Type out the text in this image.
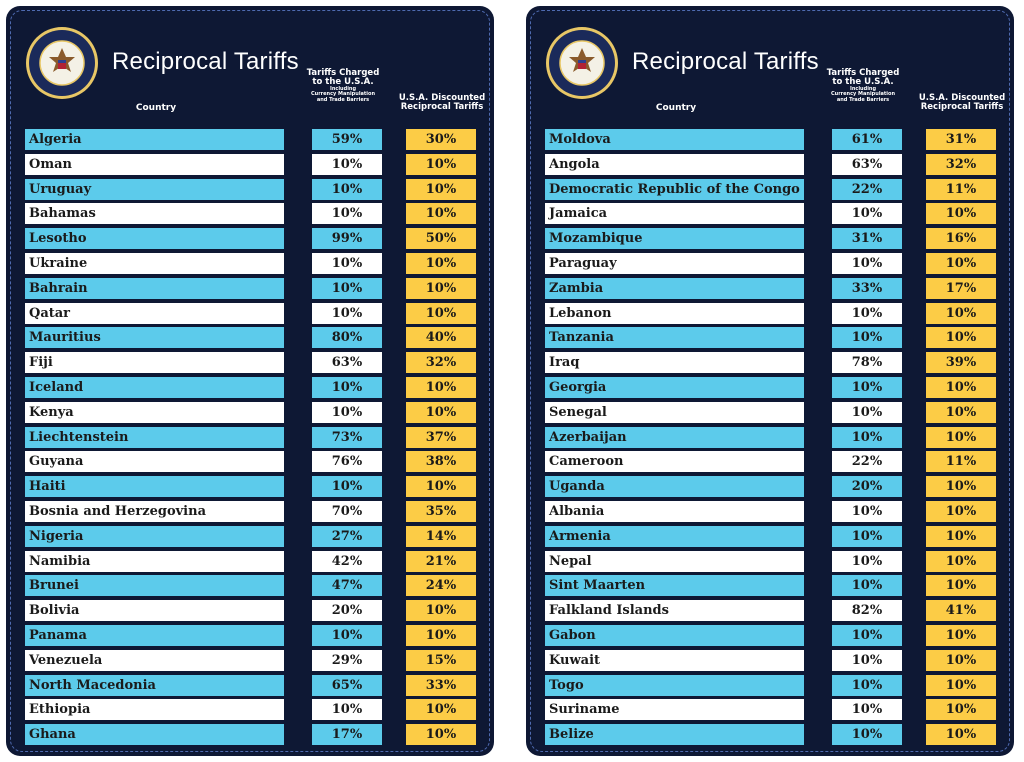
Reciprocal Tariffs
Country
Tariffs Charged
to the U.S.A.
Including
Currency Manipulation
and Trade Barriers	U.S.A. Discounted
Reciprocal Tariffs
Algeria	59%	30%
Oman	10%	10%
Uruguay	10%	10%
Bahamas	10%	10%
Lesotho	99%	50%
Ukraine	10%	10%
Bahrain	10%	10%
Qatar	10%	10%
Mauritius	80%	40%
Fiji	63%	32%
Iceland	10%	10%
Kenya	10%	10%
Liechtenstein	73%	37%
Guyana	76%	38%
Haiti	10%	10%
Bosnia and Herzegovina	70%	35%
Nigeria	27%	14%
Namibia	42%	21%
Brunei	47%	24%
Bolivia	20%	10%
Panama	10%	10%
Venezuela	29%	15%
North Macedonia	65%	33%
Ethiopia	10%	10%
Ghana	17%	10%
Reciprocal Tariffs
Country
Tariffs Charged
to the U.S.A.
Including
Currency Manipulation
and Trade Barriers	U.S.A. Discounted
Reciprocal Tariffs
Moldova	61%	31%
Angola	63%	32%
Democratic Republic of the Congo	22%	11%
Jamaica	10%	10%
Mozambique	31%	16%
Paraguay	10%	10%
Zambia	33%	17%
Lebanon	10%	10%
Tanzania	10%	10%
Iraq	78%	39%
Georgia	10%	10%
Senegal	10%	10%
Azerbaijan	10%	10%
Cameroon	22%	11%
Uganda	20%	10%
Albania	10%	10%
Armenia	10%	10%
Nepal	10%	10%
Sint Maarten	10%	10%
Falkland Islands	82%	41%
Gabon	10%	10%
Kuwait	10%	10%
Togo	10%	10%
Suriname	10%	10%
Belize	10%	10%
